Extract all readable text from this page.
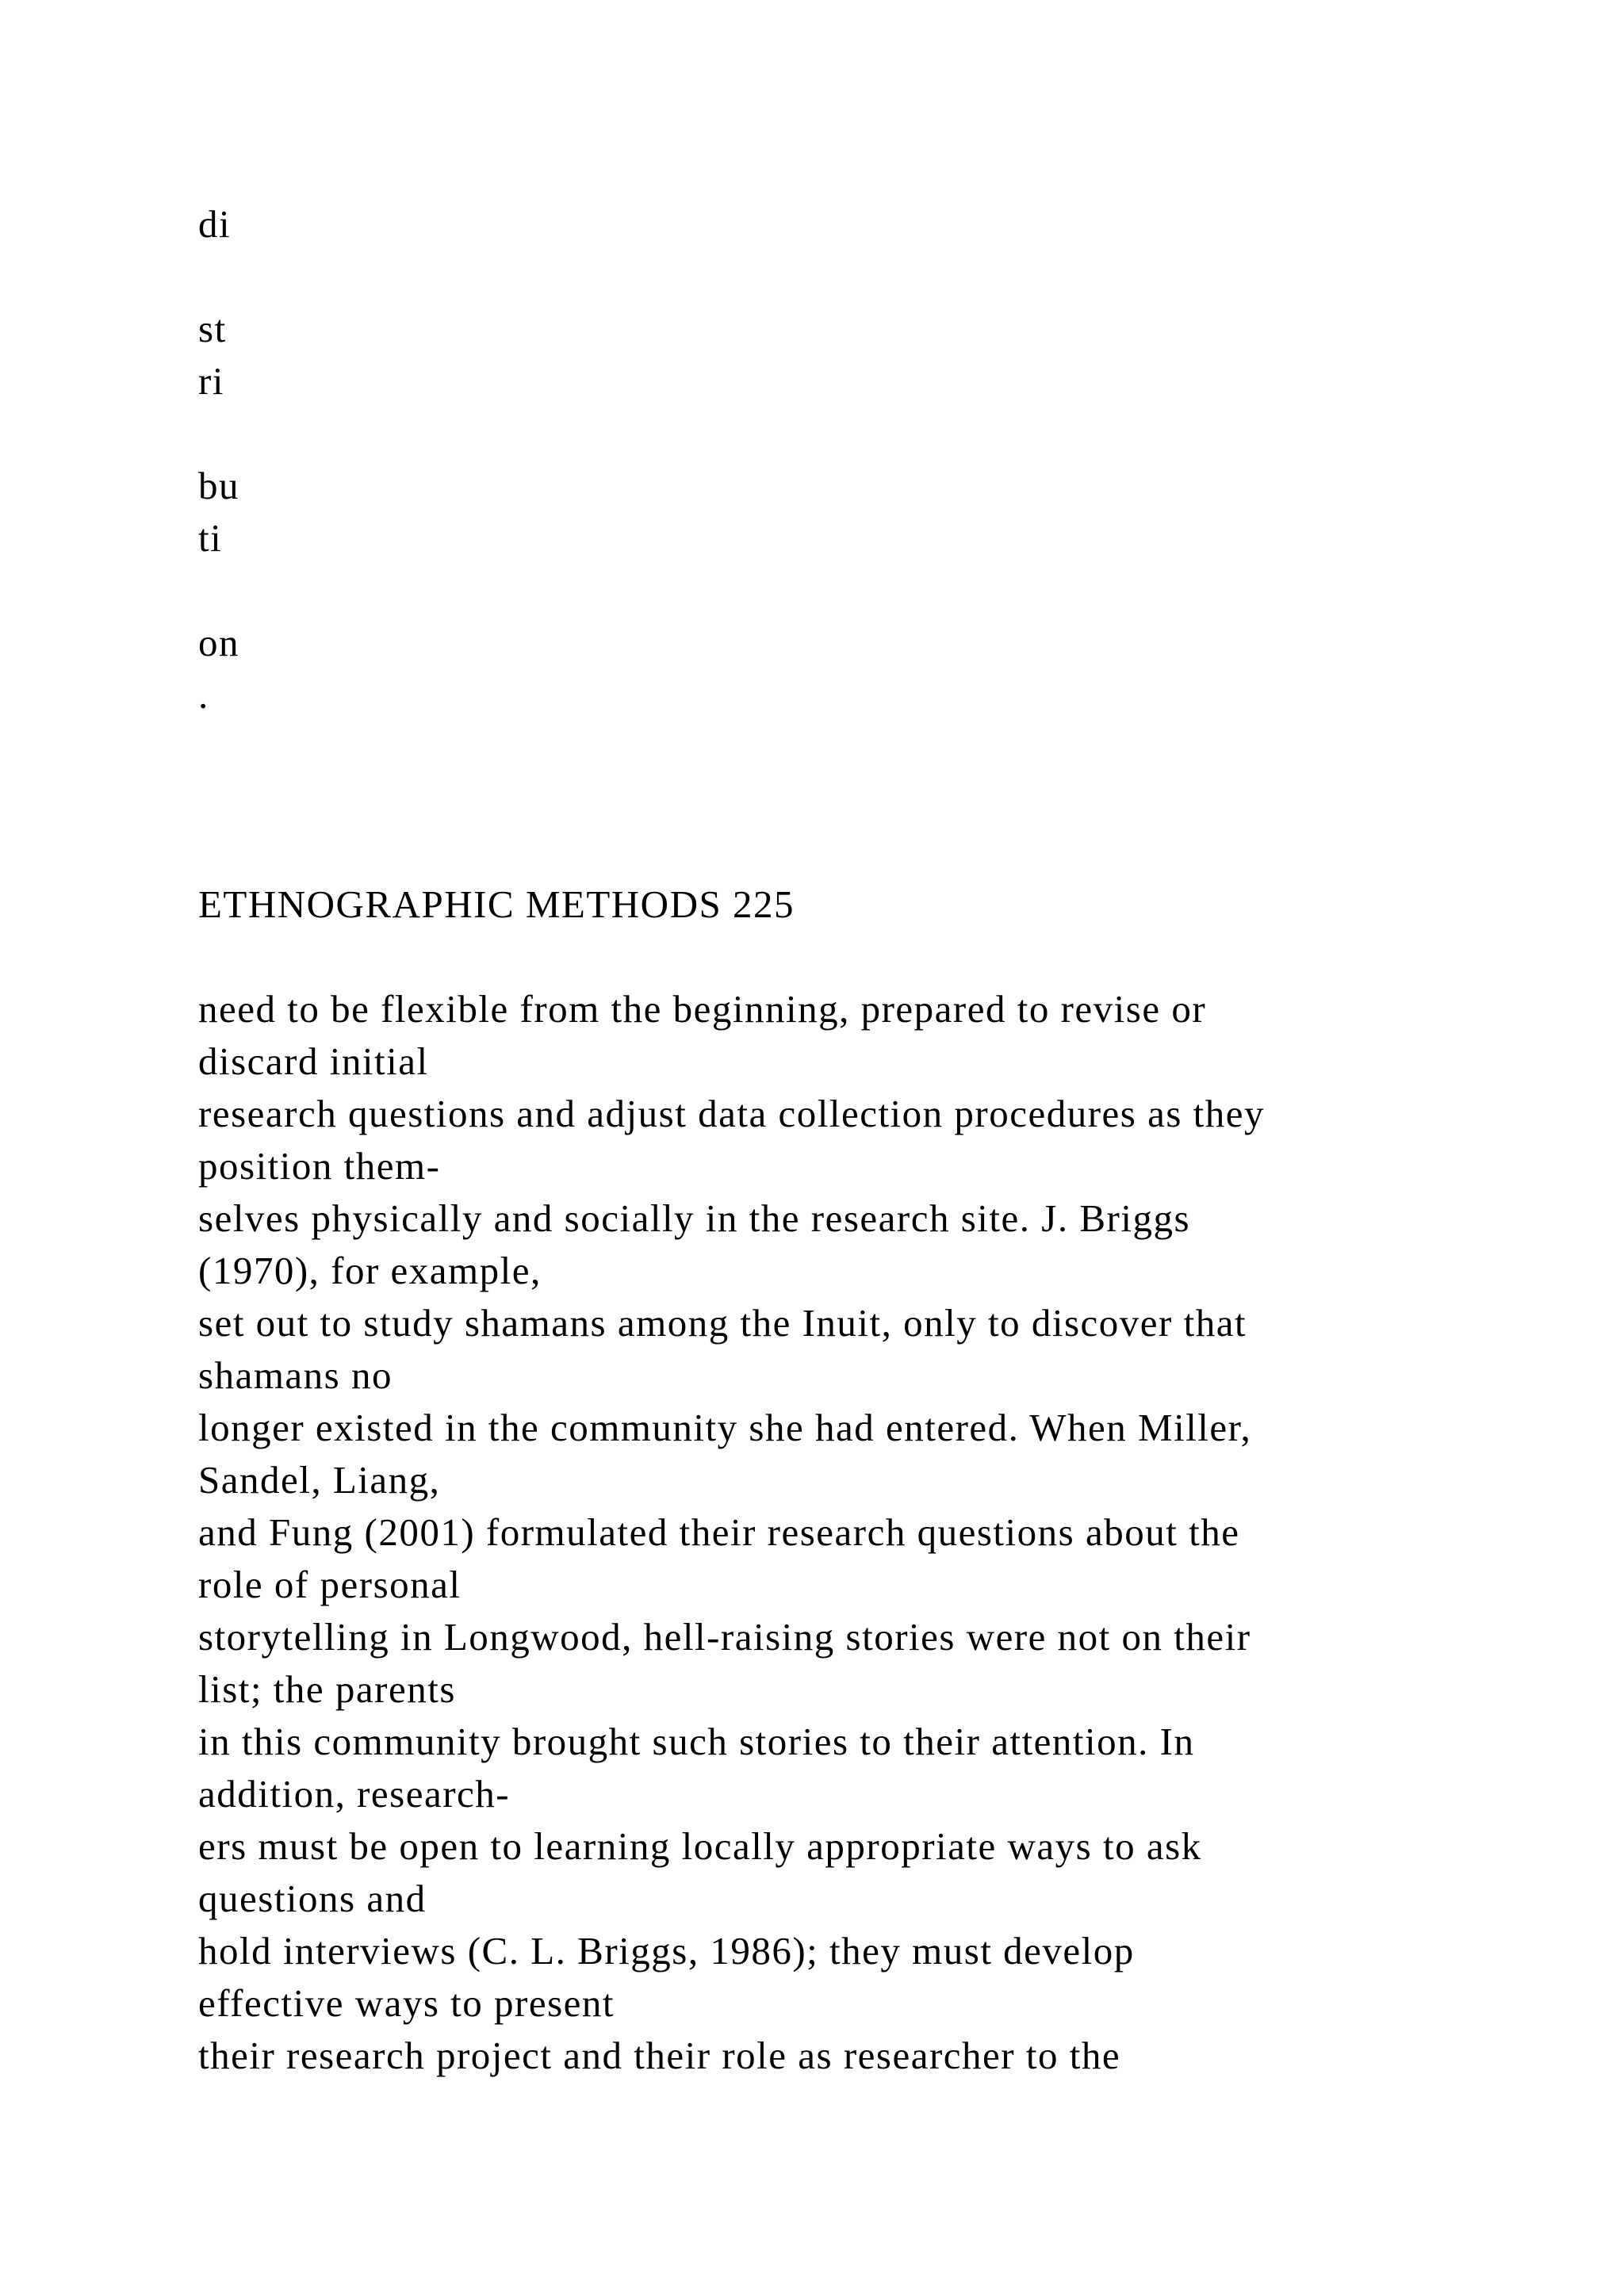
di
st
ri
bu
ti
on
.
ETHNOGRAPHIC METHODS 225
need to be flexible from the beginning, prepared to revise or
discard initial
research questions and adjust data collection procedures as they
position them-
selves physically and socially in the research site. J. Briggs
(1970), for example,
set out to study shamans among the Inuit, only to discover that
shamans no
longer existed in the community she had entered. When Miller,
Sandel, Liang,
and Fung (2001) formulated their research questions about the
role of personal
storytelling in Longwood, hell-raising stories were not on their
list; the parents
in this community brought such stories to their attention. In
addition, research-
ers must be open to learning locally appropriate ways to ask
questions and
hold interviews (C. L. Briggs, 1986); they must develop
effective ways to present
their research project and their role as researcher to the
